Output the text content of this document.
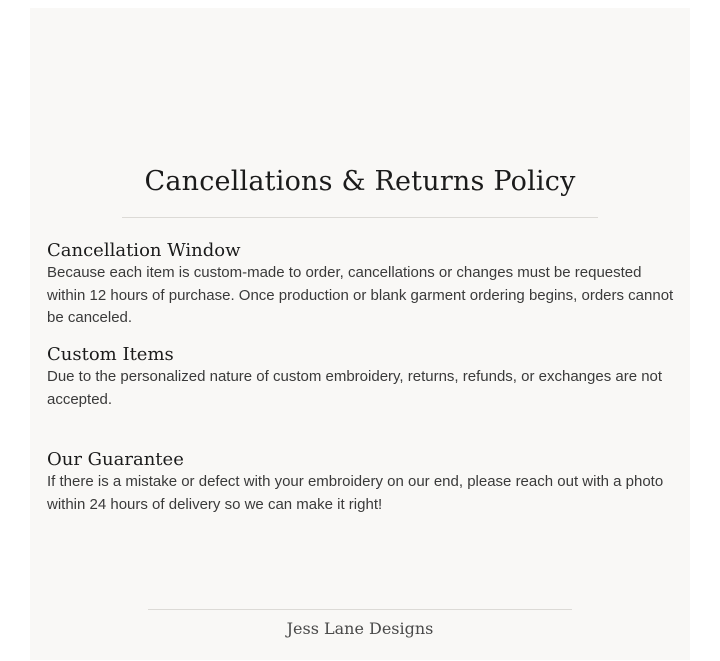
Cancellations & Returns Policy
Cancellation Window

Because each item is custom-made to order, cancellations or changes must be requested within 12 hours of purchase. Once production or blank garment ordering begins, orders cannot be canceled.

Custom Items

Due to the personalized nature of custom embroidery, returns, refunds, or exchanges are not accepted.

Our Guarantee

If there is a mistake or defect with your embroidery on our end, please reach out with a photo within 24 hours of delivery so we can make it right!

Jess Lane Designs
